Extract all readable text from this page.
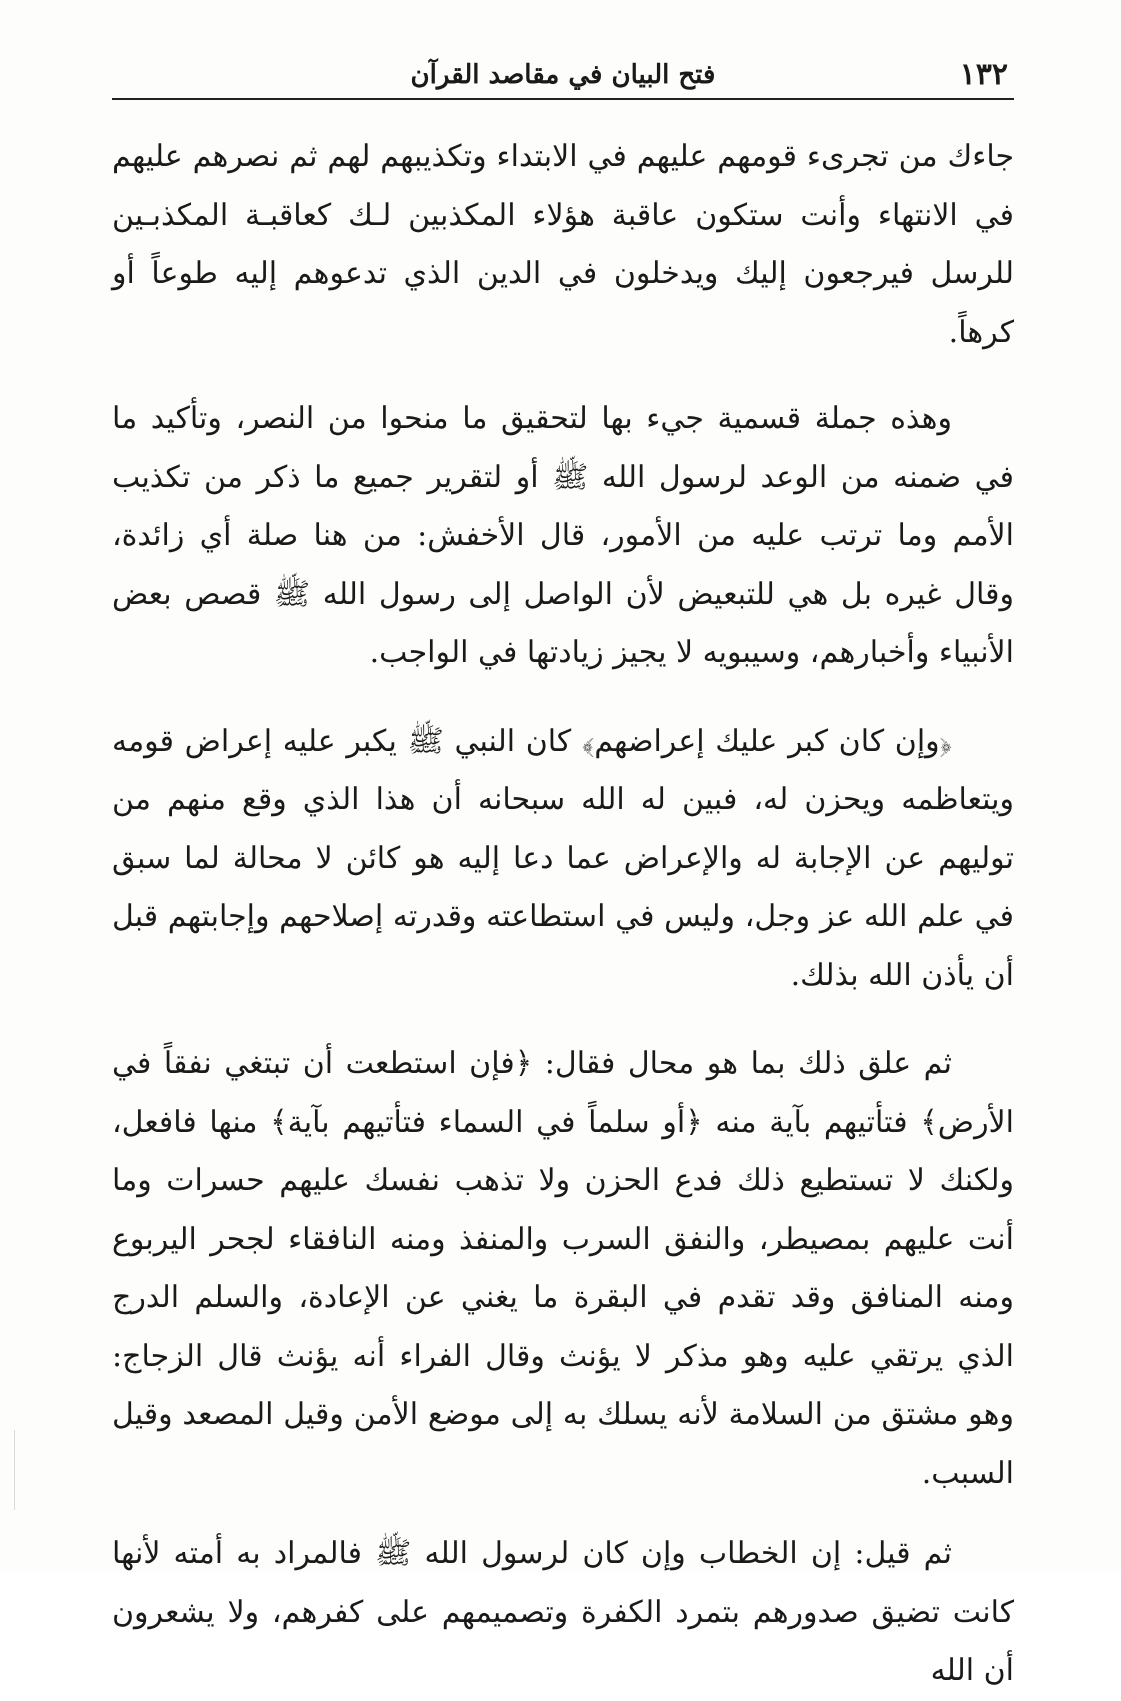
١٣٢
فتح البيان في مقاصد القرآن

جاءك من تجرىء قومهم عليهم في الابتداء وتكذيبهم لهم ثم نصرهم عليهم في الانتهاء وأنت ستكون عاقبة هؤلاء المكذبين لـك كعاقبـة المكذبـين للرسل فيرجعون إليك ويدخلون في الدين الذي تدعوهم إليه طوعاً أو كرهاً.

وهذه جملة قسمية جيء بها لتحقيق ما منحوا من النصر، وتأكيد ما في ضمنه من الوعد لرسول الله ﷺ أو لتقرير جميع ما ذكر من تكذيب الأمم وما ترتب عليه من الأمور، قال الأخفش: من هنا صلة أي زائدة، وقال غيره بل هي للتبعيض لأن الواصل إلى رسول الله ﷺ قصص بعض الأنبياء وأخبارهم، وسيبويه لا يجيز زيادتها في الواجب.

﴿وإن كان كبر عليك إعراضهم﴾ كان النبي ﷺ يكبر عليه إعراض قومه ويتعاظمه ويحزن له، فبين له الله سبحانه أن هذا الذي وقع منهم من توليهم عن الإجابة له والإعراض عما دعا إليه هو كائن لا محالة لما سبق في علم الله عز وجل، وليس في استطاعته وقدرته إصلاحهم وإجابتهم قبل أن يأذن الله بذلك.

ثم علق ذلك بما هو محال فقال: ﴿فإن استطعت أن تبتغي نفقاً في الأرض﴾ فتأتيهم بآية منه ﴿أو سلماً في السماء فتأتيهم بآية﴾ منها فافعل، ولكنك لا تستطيع ذلك فدع الحزن ولا تذهب نفسك عليهم حسرات وما أنت عليهم بمصيطر، والنفق السرب والمنفذ ومنه النافقاء لجحر اليربوع ومنه المنافق وقد تقدم في البقرة ما يغني عن الإعادة، والسلم الدرج الذي يرتقي عليه وهو مذكر لا يؤنث وقال الفراء أنه يؤنث قال الزجاج: وهو مشتق من السلامة لأنه يسلك به إلى موضع الأمن وقيل المصعد وقيل السبب.

ثم قيل: إن الخطاب وإن كان لرسول الله ﷺ فالمراد به أمته لأنها كانت تضيق صدورهم بتمرد الكفرة وتصميمهم على كفرهم، ولا يشعرون أن الله
